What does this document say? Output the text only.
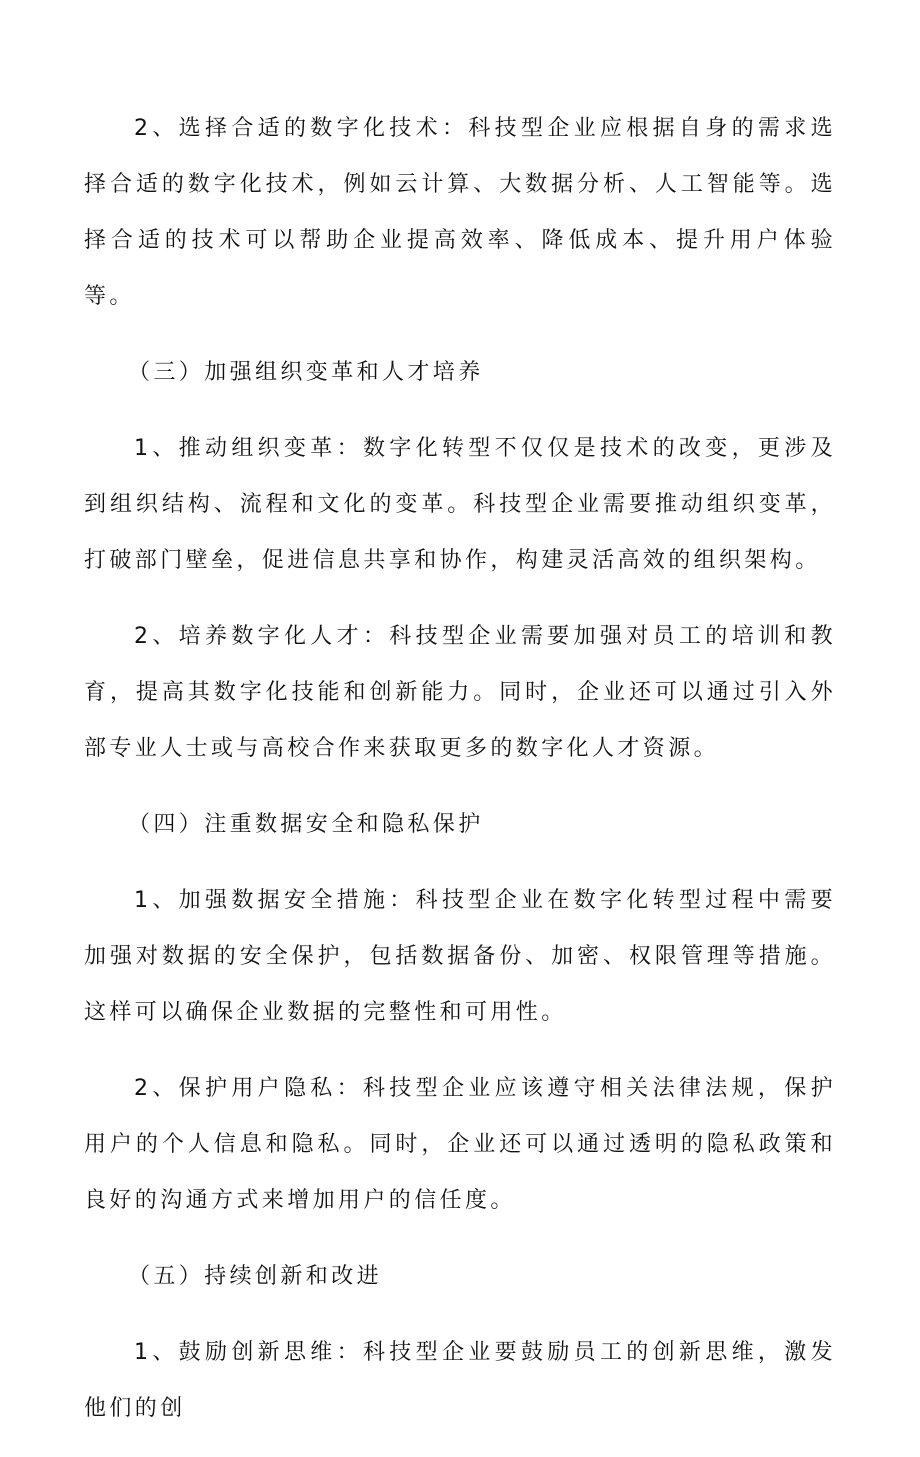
2、选择合适的数字化技术：科技型企业应根据自身的需求选择合适的数字化技术，例如云计算、大数据分析、人工智能等。选择合适的技术可以帮助企业提高效率、降低成本、提升用户体验等。

（三）加强组织变革和人才培养

1、推动组织变革：数字化转型不仅仅是技术的改变，更涉及到组织结构、流程和文化的变革。科技型企业需要推动组织变革，打破部门壁垒，促进信息共享和协作，构建灵活高效的组织架构。

2、培养数字化人才：科技型企业需要加强对员工的培训和教育，提高其数字化技能和创新能力。同时，企业还可以通过引入外部专业人士或与高校合作来获取更多的数字化人才资源。

（四）注重数据安全和隐私保护

1、加强数据安全措施：科技型企业在数字化转型过程中需要加强对数据的安全保护，包括数据备份、加密、权限管理等措施。这样可以确保企业数据的完整性和可用性。

2、保护用户隐私：科技型企业应该遵守相关法律法规，保护用户的个人信息和隐私。同时，企业还可以通过透明的隐私政策和良好的沟通方式来增加用户的信任度。

（五）持续创新和改进

1、鼓励创新思维：科技型企业要鼓励员工的创新思维，激发他们的创
